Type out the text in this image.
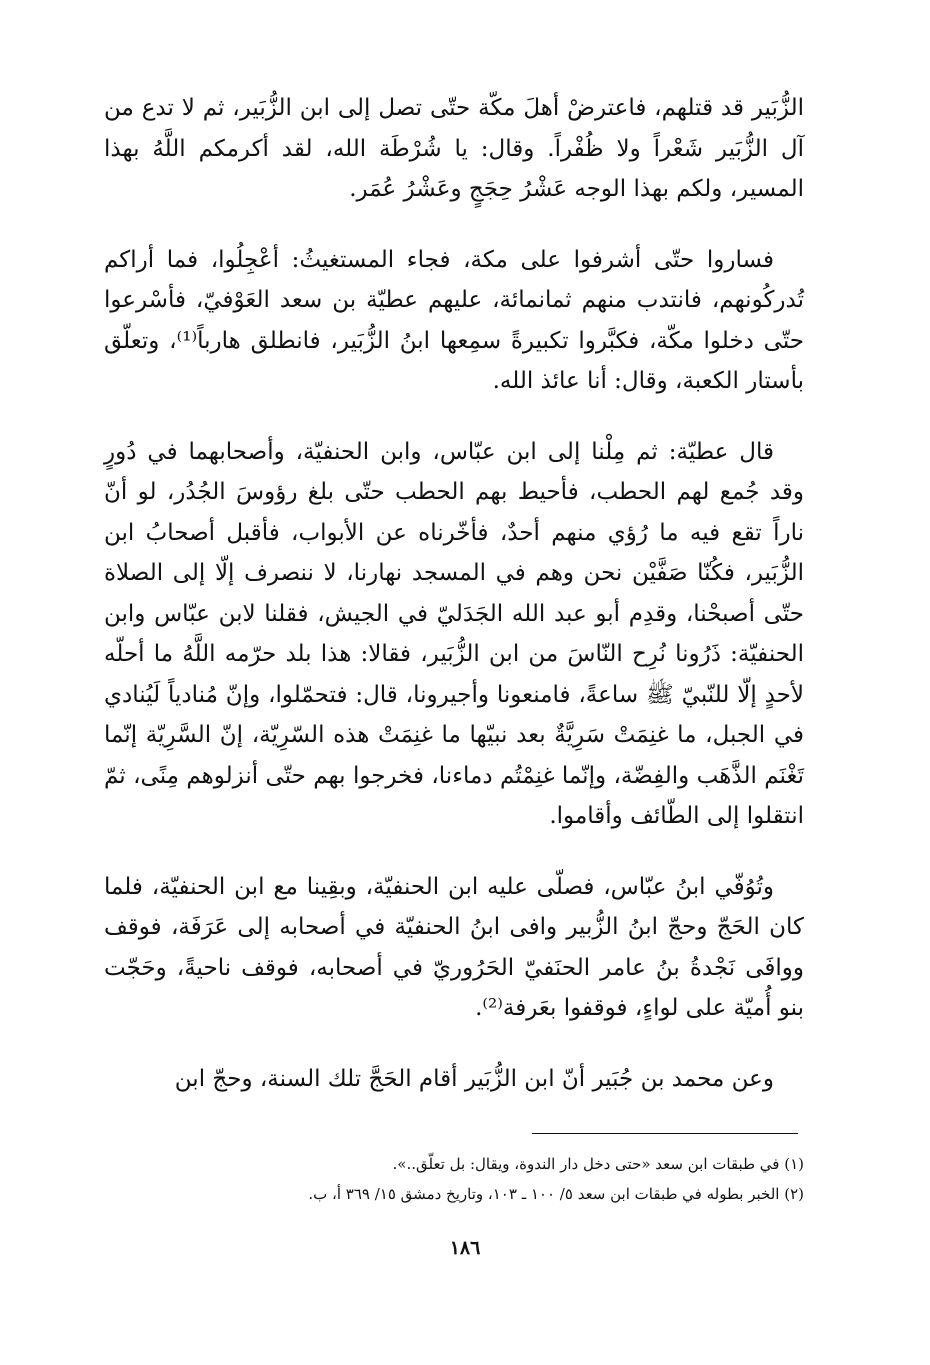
الزُّبَير قد قتلهم، فاعترضْ أهلَ مكّة حتّى تصل إلى ابن الزُّبَير، ثم لا تدع من آل الزُّبَير شَعْراً ولا ظُفْراً. وقال: يا شُرْطَة الله، لقد أكرمكم اللَّهُ بهذا المسير، ولكم بهذا الوجه عَشْرُ حِجَجٍ وعَشْرُ عُمَر.

فساروا حتّى أشرفوا على مكة، فجاء المستغيثُ: أعْجِلُوا، فما أراكم تُدركُونهم، فانتدب منهم ثمانمائة، عليهم عطيّة بن سعد العَوْفيّ، فأسْرعوا حتّى دخلوا مكّة، فكبَّروا تكبيرةً سمِعها ابنُ الزُّبَير، فانطلق هارباً⁽¹⁾، وتعلّق بأستار الكعبة، وقال: أنا عائذ الله.

قال عطيّة: ثم مِلْنا إلى ابن عبّاس، وابن الحنفيّة، وأصحابهما في دُورٍ وقد جُمع لهم الحطب، فأحيط بهم الحطب حتّى بلغ رؤوسَ الجُدُر، لو أنّ ناراً تقع فيه ما رُؤي منهم أحدٌ، فأخّرناه عن الأبواب، فأقبل أصحابُ ابن الزُّبَير، فكُنّا صَفَّيْن نحن وهم في المسجد نهارنا، لا ننصرف إلّا إلى الصلاة حتّى أصبحْنا، وقدِم أبو عبد الله الجَدَليّ في الجيش، فقلنا لابن عبّاس وابن الحنفيّة: ذَرُونا نُرِح النّاسَ من ابن الزُّبَير، فقالا: هذا بلد حرّمه اللَّهُ ما أحلّه لأحدٍ إلّا للنّبيّ ﷺ ساعةً، فامنعونا وأجيرونا، قال: فتحمّلوا، وإنّ مُنادياً لَيُنادي في الجبل، ما غنِمَتْ سَرِيَّةٌ بعد نبيّها ما غنِمَتْ هذه السّرِيّة، إنّ السَّرِيّة إنّما تَغْنَم الذَّهَب والفِضّة، وإنّما غنِمْتُم دماءنا، فخرجوا بهم حتّى أنزلوهم مِنًى، ثمّ انتقلوا إلى الطّائف وأقاموا.

وتُوُفّي ابنُ عبّاس، فصلّى عليه ابن الحنفيّة، وبقِينا مع ابن الحنفيّة، فلما كان الحَجّ وحجّ ابنُ الزُّبير وافى ابنُ الحنفيّة في أصحابه إلى عَرَفَة، فوقف ووافَى نَجْدةُ بنُ عامر الحنَفيّ الحَرُوريّ في أصحابه، فوقف ناحيةً، وحَجّت بنو أُميّة على لواءٍ، فوقفوا بعَرفة⁽²⁾.

وعن محمد بن جُبَير أنّ ابن الزُّبَير أقام الحَجَّ تلك السنة، وحجّ ابن

(١) في طبقات ابن سعد «حتى دخل دار الندوة، ويقال: بل تعلّق..».

(٢) الخبر بطوله في طبقات ابن سعد ٥/ ١٠٠ ـ ١٠٣، وتاريخ دمشق ١٥/ ٣٦٩ أ، ب.

١٨٦
